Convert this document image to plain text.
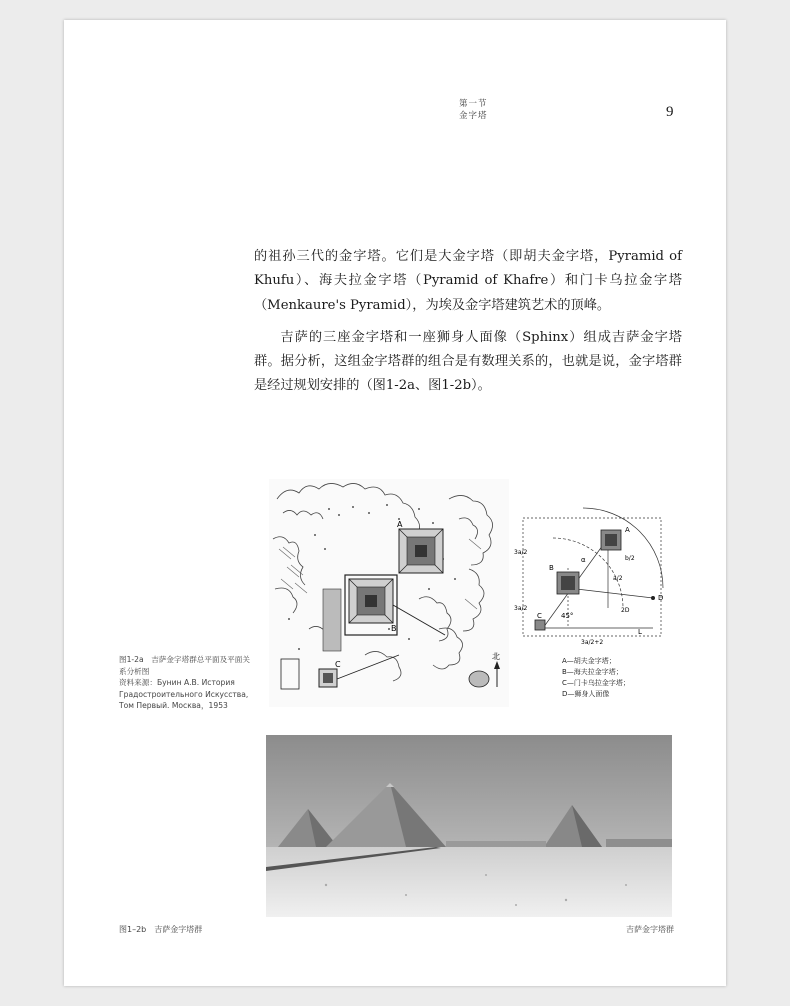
第一节
金字塔	9

的祖孙三代的金字塔。它们是大金字塔（即胡夫金字塔，Pyramid of Khufu）、海夫拉金字塔（Pyramid of Khafre）和门卡乌拉金字塔（Menkaure's Pyramid），为埃及金字塔建筑艺术的顶峰。

吉萨的三座金字塔和一座狮身人面像（Sphinx）组成吉萨金字塔群。据分析，这组金字塔群的组合是有数理关系的，也就是说，金字塔群是经过规划安排的（图1-2a、图1-2b）。

A
B
C
北
A
B
C
D
L
45°
2D
α
3a/2
3a/2
3a/2+2
b/2
a/2
A—胡夫金字塔；
B—海夫拉金字塔；
C—门卡乌拉金字塔；
D—狮身人面像
图1-2a　吉萨金字塔群总平面及平面关系分析图
资料来源：Бунин А.В. История Градостроительного Искусства, Том Первый. Москва，1953
图1–2b　吉萨金字塔群	吉萨金字塔群
